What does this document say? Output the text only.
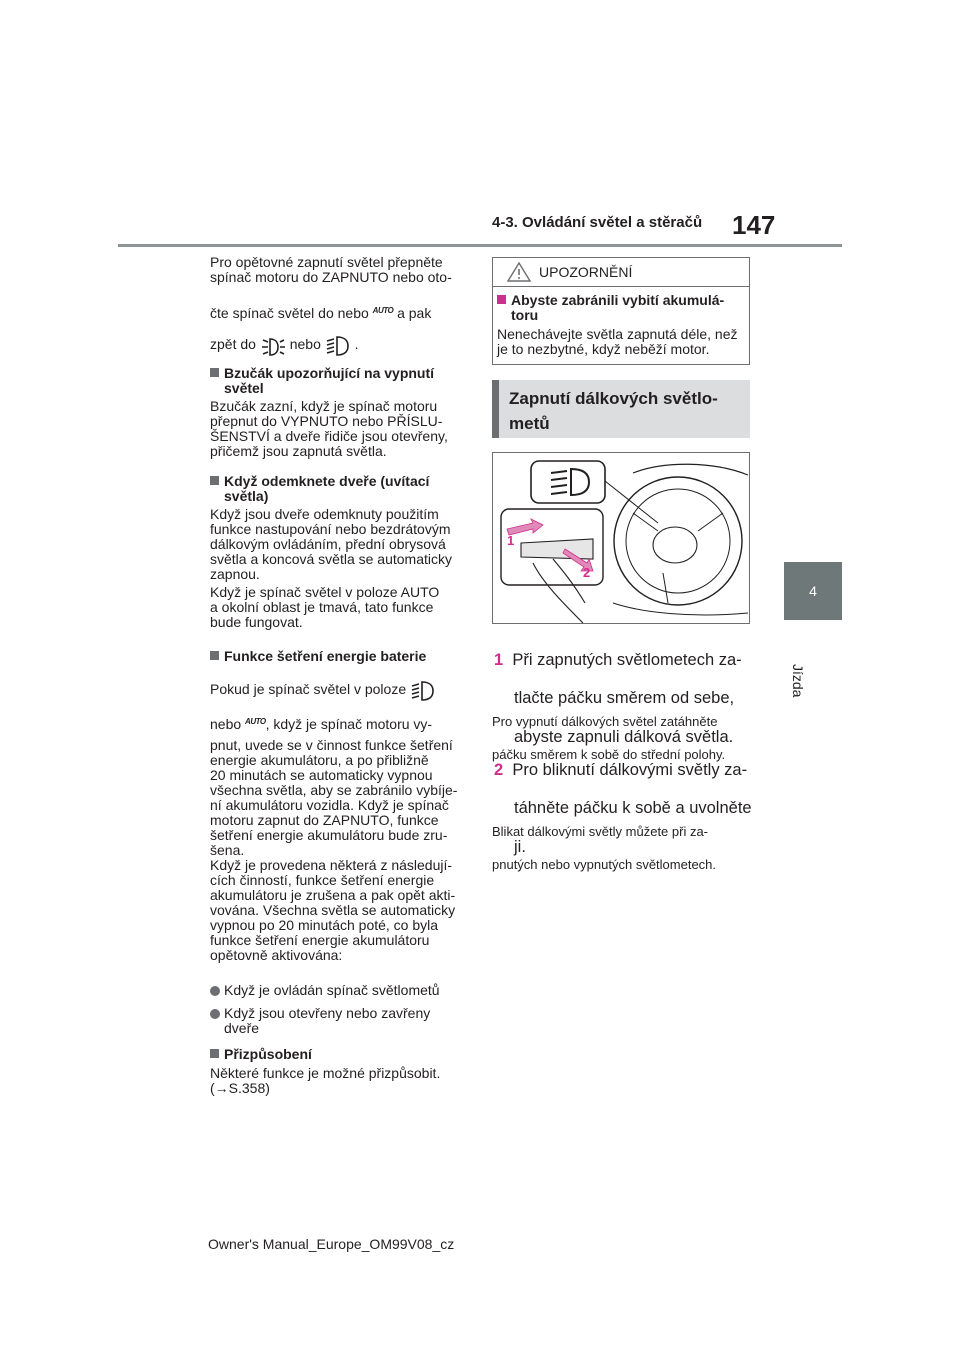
4-3. Ovládání světel a stěračů 147
4
Jízda

Pro opětovné zapnutí světel přepněte

spínač motoru do ZAPNUTO nebo oto-

čte spínač světel do nebo $^{AUTO}$ a pak
zpět do nebo .

Bzučák upozorňující na vypnutí

světel

Bzučák zazní, když je spínač motoru

přepnut do VYPNUTO nebo PŘÍSLU-

ŠENSTVÍ a dveře řidiče jsou otevřeny,

přičemž jsou zapnutá světla.

Když odemknete dveře (uvítací

světla)

Když jsou dveře odemknuty použitím

funkce nastupování nebo bezdrátovým

dálkovým ovládáním, přední obrysová

světla a koncová světla se automaticky

zapnou.

Když je spínač světel v poloze AUTO

a okolní oblast je tmavá, tato funkce

bude fungovat.

Funkce šetření energie baterie

Pokud je spínač světel v poloze
nebo $^{AUTO}$, když je spínač motoru vy-

pnut, uvede se v činnost funkce šetření

energie akumulátoru, a po přibližně

20 minutách se automaticky vypnou

všechna světla, aby se zabránilo vybíje-

ní akumulátoru vozidla. Když je spínač

motoru zapnut do ZAPNUTO, funkce

šetření energie akumulátoru bude zru-

šena.

Když je provedena některá z následují-

cích činností, funkce šetření energie

akumulátoru je zrušena a pak opět akti-

vována. Všechna světla se automaticky

vypnou po 20 minutách poté, co byla

funkce šetření energie akumulátoru

opětovně aktivována:

Když je ovládán spínač světlometů

Když jsou otevřeny nebo zavřeny

dveře

Přizpůsobení

Některé funkce je možné přizpůsobit.

(→S.358)

UPOZORNĚNÍ

Abyste zabránili vybití akumulá-

toru

Nenechávejte světla zapnutá déle, než

je to nezbytné, když neběží motor.

Zapnutí dálkových světlo-
metů
1
2

1 Při zapnutých světlometech za-

tlačte páčku směrem od sebe,

abyste zapnuli dálková světla.

Pro vypnutí dálkových světel zatáhněte

páčku směrem k sobě do střední polohy.

2 Pro bliknutí dálkovými světly za-

táhněte páčku k sobě a uvolněte

ji.

Blikat dálkovými světly můžete při za-

pnutých nebo vypnutých světlometech.

Owner's Manual_Europe_OM99V08_cz
